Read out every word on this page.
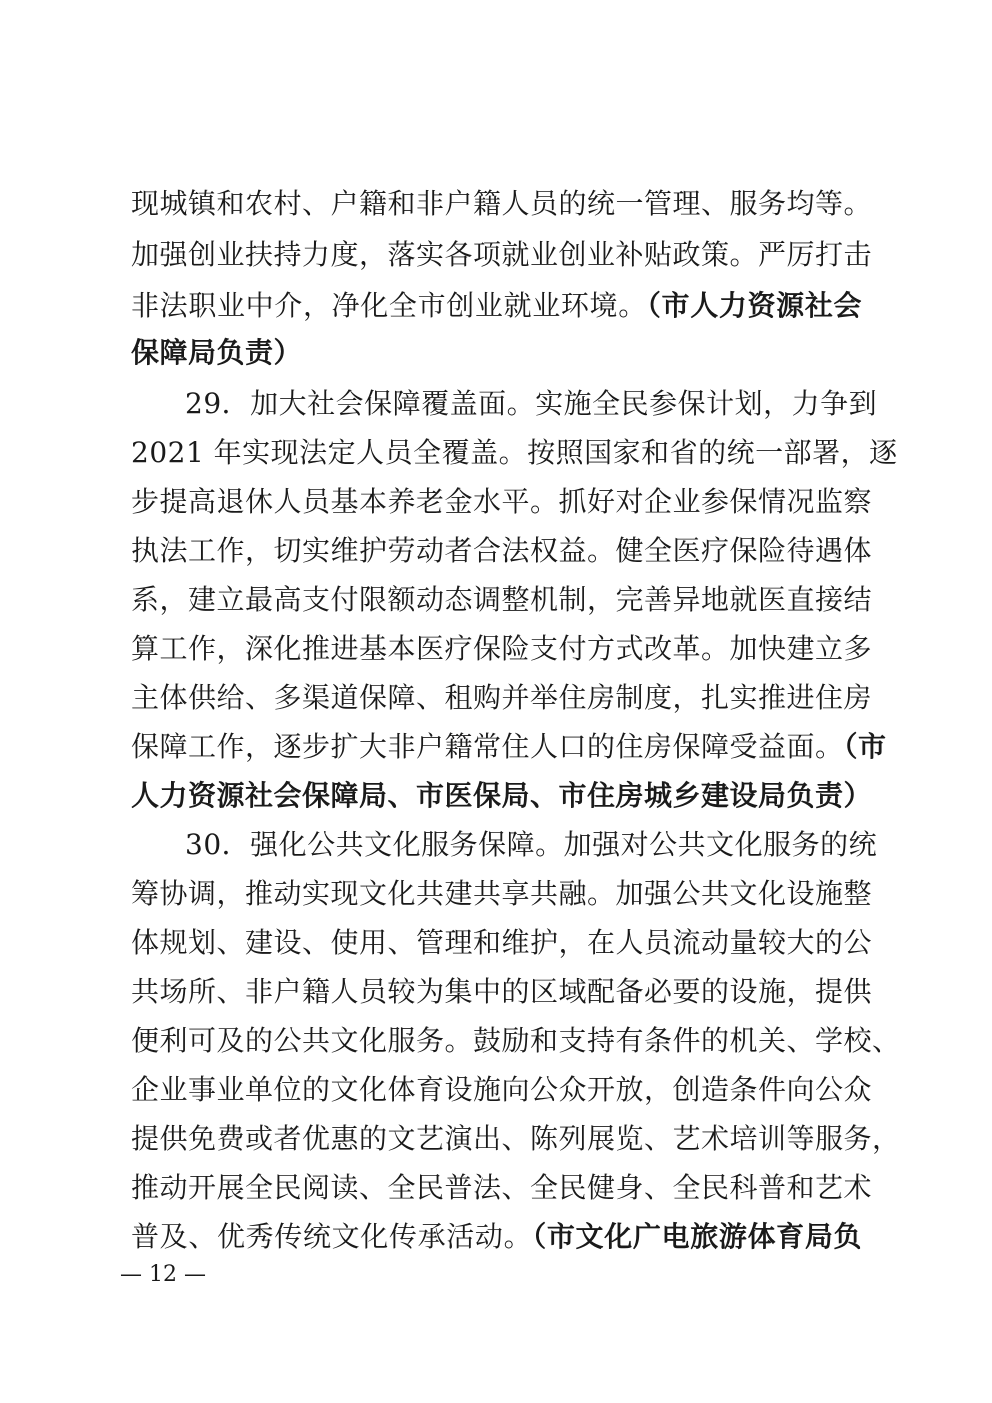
现城镇和农村、户籍和非户籍人员的统一管理、服务均等。
加强创业扶持力度，落实各项就业创业补贴政策。严厉打击
非法职业中介，净化全市创业就业环境。（市人力资源社会
保障局负责）
29．加大社会保障覆盖面。实施全民参保计划，力争到
2021 年实现法定人员全覆盖。按照国家和省的统一部署，逐
步提高退休人员基本养老金水平。抓好对企业参保情况监察
执法工作，切实维护劳动者合法权益。健全医疗保险待遇体
系，建立最高支付限额动态调整机制，完善异地就医直接结
算工作，深化推进基本医疗保险支付方式改革。加快建立多
主体供给、多渠道保障、租购并举住房制度，扎实推进住房
保障工作，逐步扩大非户籍常住人口的住房保障受益面。（市
人力资源社会保障局、市医保局、市住房城乡建设局负责）
30．强化公共文化服务保障。加强对公共文化服务的统
筹协调，推动实现文化共建共享共融。加强公共文化设施整
体规划、建设、使用、管理和维护，在人员流动量较大的公
共场所、非户籍人员较为集中的区域配备必要的设施，提供
便利可及的公共文化服务。鼓励和支持有条件的机关、学校、
企业事业单位的文化体育设施向公众开放，创造条件向公众
提供免费或者优惠的文艺演出、陈列展览、艺术培训等服务，
推动开展全民阅读、全民普法、全民健身、全民科普和艺术
普及、优秀传统文化传承活动。（市文化广电旅游体育局负
— 12 —
